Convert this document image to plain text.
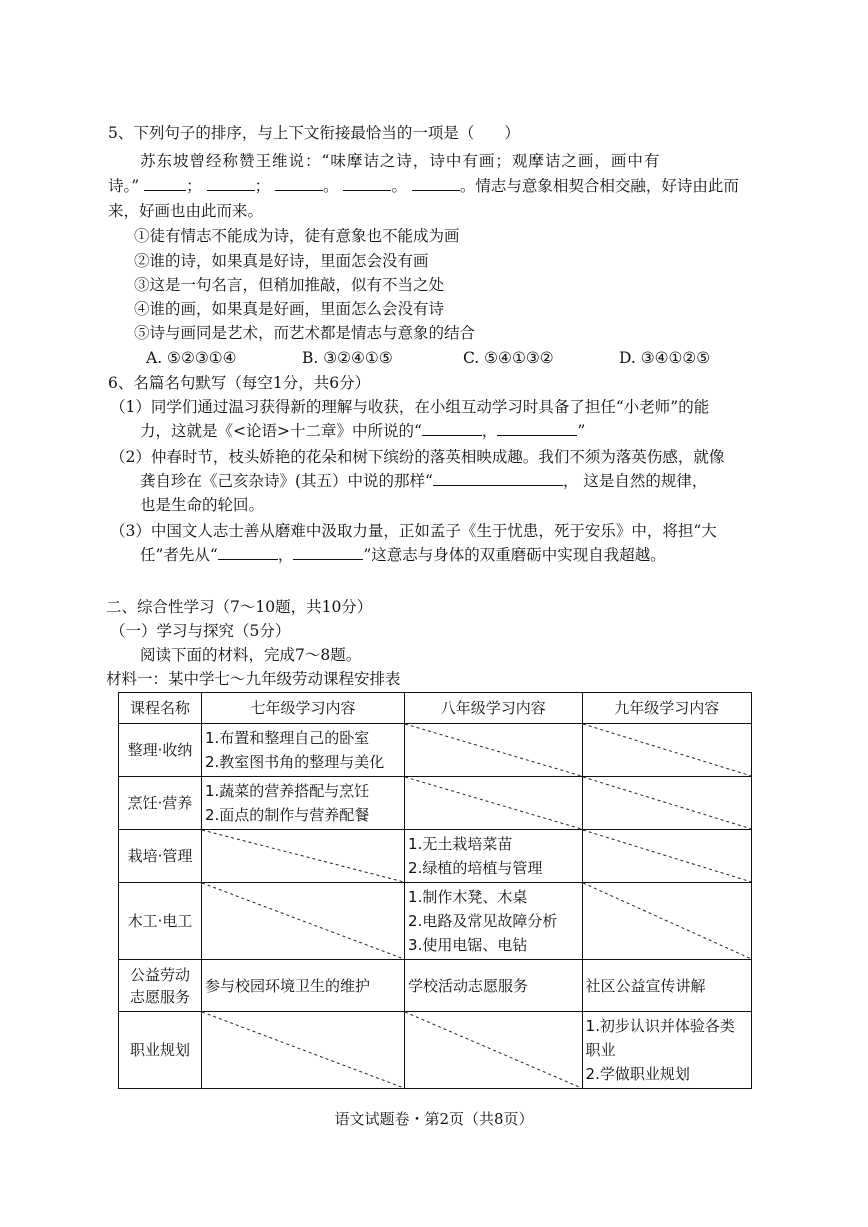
5、下列句子的排序，与上下文衔接最恰当的一项是（ ）
苏东坡曾经称赞王维说：“味摩诘之诗，诗中有画；观摩诘之画，画中有
诗。”	；	；	。	。	。情志与意象相契合相交融，好诗由此而
来，好画也由此而来。
①徒有情志不能成为诗，徒有意象也不能成为画
②谁的诗，如果真是好诗，里面怎会没有画
③这是一句名言，但稍加推敲，似有不当之处
④谁的画，如果真是好画，里面怎么会没有诗
⑤诗与画同是艺术，而艺术都是情志与意象的结合
A. ⑤②③①④	B. ③②④①⑤	C. ⑤④①③②	D. ③④①②⑤
6、名篇名句默写（每空1分，共6分）
（1）同学们通过温习获得新的理解与收获，在小组互动学习时具备了担任“小老师”的能
力，这就是《<论语>十二章》中所说的“	，	”
（2）仲春时节，枝头娇艳的花朵和树下缤纷的落英相映成趣。我们不须为落英伤感，就像
龚自珍在《己亥杂诗》(其五）中说的那样“	， 这是自然的规律，
也是生命的轮回。
（3）中国文人志士善从磨难中汲取力量，正如孟子《生于忧患，死于安乐》中，将担“大
任”者先从“	，	”这意志与身体的双重磨砺中实现自我超越。
二、综合性学习（7～10题，共10分）
（一）学习与探究（5分）
阅读下面的材料，完成7～8题。
材料一：某中学七～九年级劳动课程安排表
课程名称	七年级学习内容	八年级学习内容	九年级学习内容
整理·收纳	1.布置和整理自己的卧室
2.教室图书角的整理与美化

烹饪·营养	1.蔬菜的营养搭配与烹饪
2.面点的制作与营养配餐

栽培·管理		1.无土栽培菜苗
2.绿植的培植与管理

木工·电工		1.制作木凳、木桌
2.电路及常见故障分析
3.使用电锯、电钻

公益劳动志愿服务	参与校园环境卫生的维护	学校活动志愿服务	社区公益宣传讲解
职业规划			1.初步认识并体验各类职业
2.学做职业规划
语文试题卷・第2页（共8页）
